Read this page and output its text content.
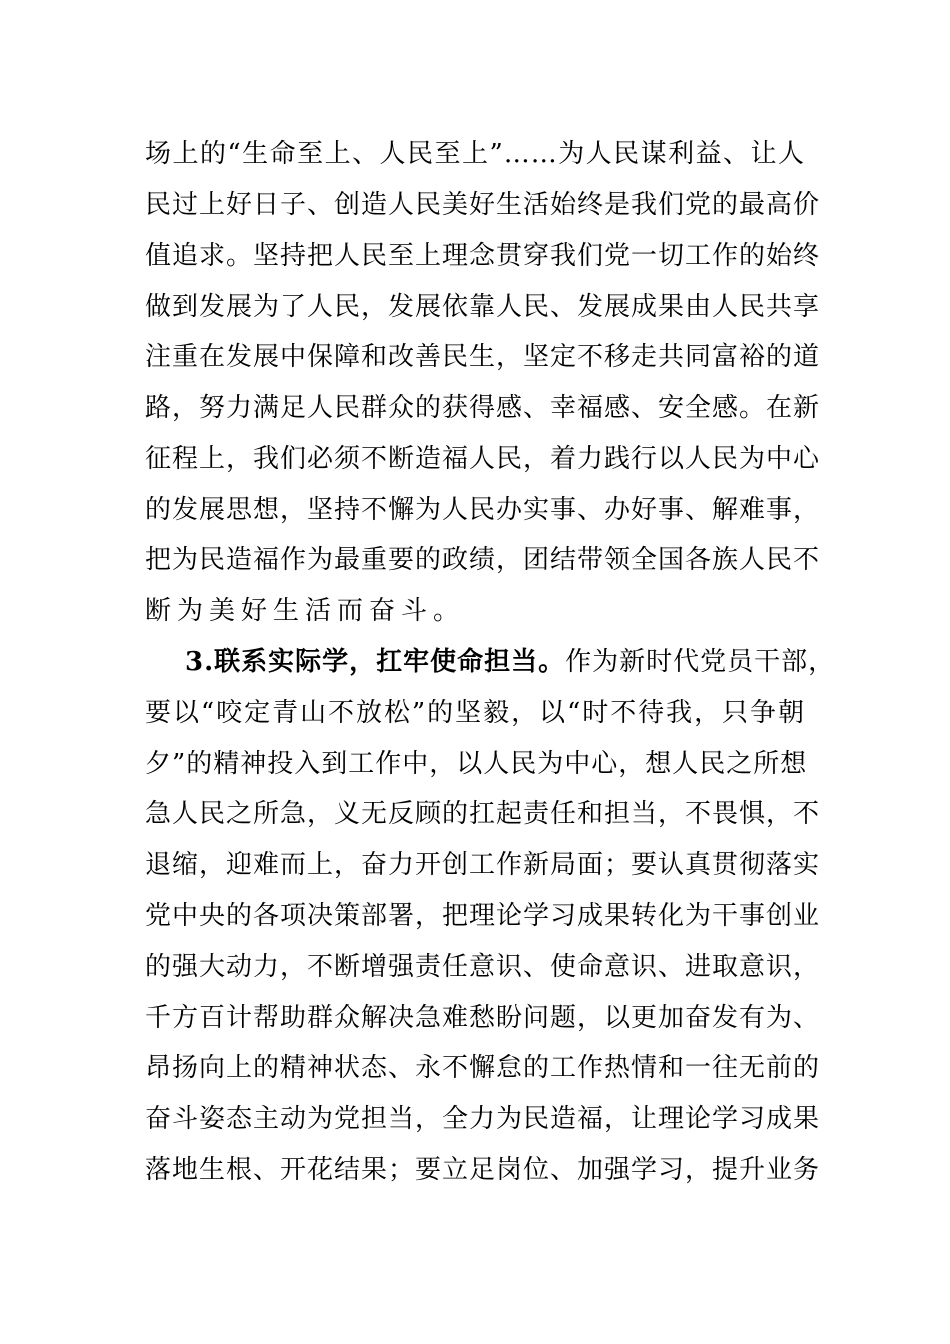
场上的“生命至上、人民至上”……为人民谋利益、让人
民过上好日子、创造人民美好生活始终是我们党的最高价
值追求。坚持把人民至上理念贯穿我们党一切工作的始终
做到发展为了人民，发展依靠人民、发展成果由人民共享
注重在发展中保障和改善民生，坚定不移走共同富裕的道
路，努力满足人民群众的获得感、幸福感、安全感。在新
征程上，我们必须不断造福人民，着力践行以人民为中心
的发展思想，坚持不懈为人民办实事、办好事、解难事，
把为民造福作为最重要的政绩，团结带领全国各族人民不
断为美好生活而奋斗。
3.联系实际学，扛牢使命担当。作为新时代党员干部，
要以“咬定青山不放松”的坚毅，以“时不待我，只争朝
夕”的精神投入到工作中，以人民为中心，想人民之所想
急人民之所急，义无反顾的扛起责任和担当，不畏惧，不
退缩，迎难而上，奋力开创工作新局面；要认真贯彻落实
党中央的各项决策部署，把理论学习成果转化为干事创业
的强大动力，不断增强责任意识、使命意识、进取意识，
千方百计帮助群众解决急难愁盼问题，以更加奋发有为、
昂扬向上的精神状态、永不懈怠的工作热情和一往无前的
奋斗姿态主动为党担当，全力为民造福，让理论学习成果
落地生根、开花结果；要立足岗位、加强学习，提升业务
